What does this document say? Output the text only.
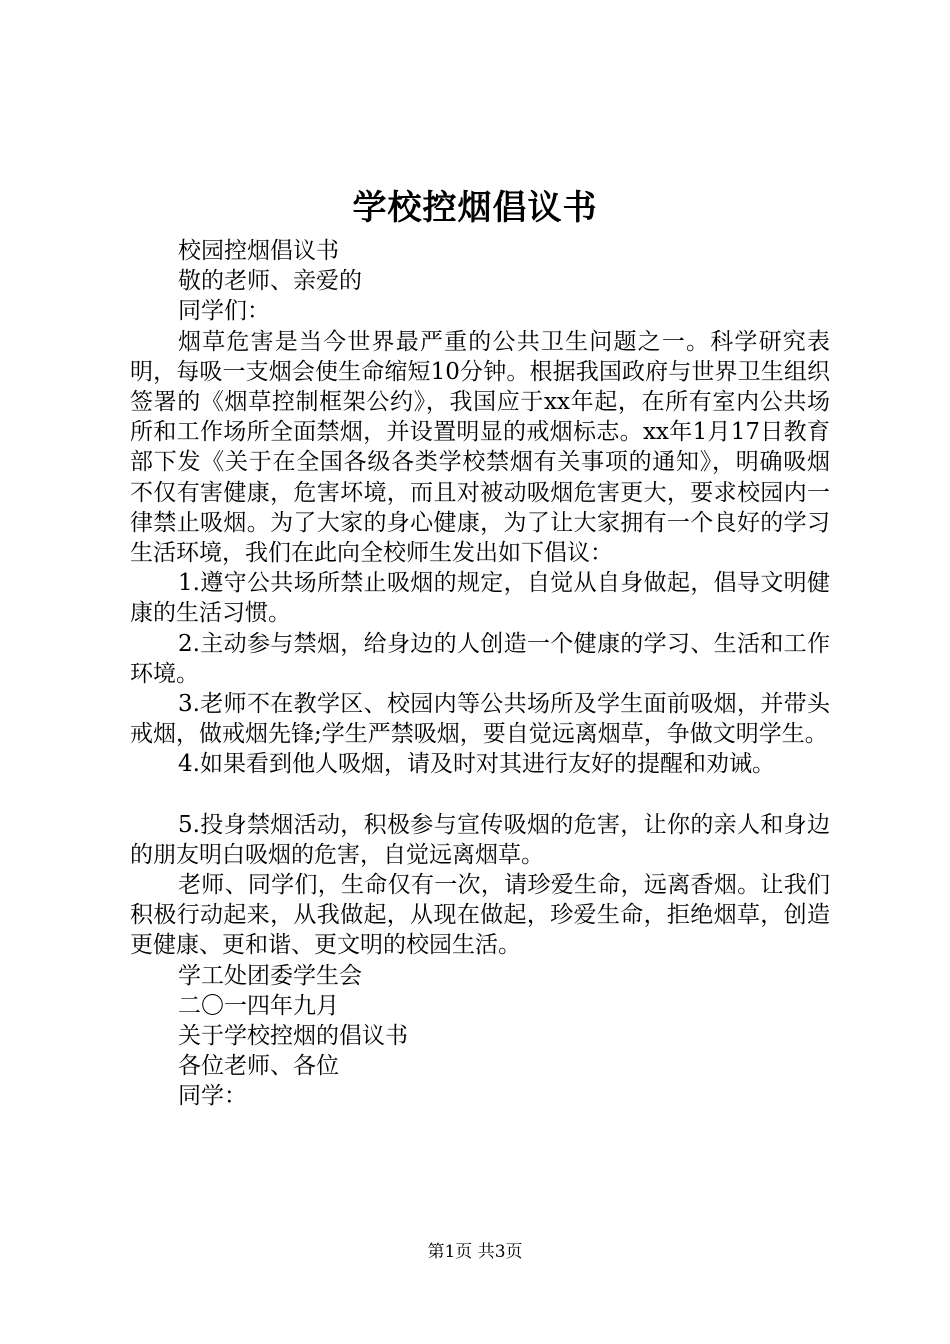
学校控烟倡议书
校园控烟倡议书
敬的老师、亲爱的
同学们：

烟草危害是当今世界最严重的公共卫生问题之一。科学研究表明，每吸一支烟会使生命缩短10分钟。根据我国政府与世界卫生组织签署的《烟草控制框架公约》，我国应于xx年起，在所有室内公共场所和工作场所全面禁烟，并设置明显的戒烟标志。xx年1月17日教育部下发《关于在全国各级各类学校禁烟有关事项的通知》，明确吸烟不仅有害健康，危害坏境，而且对被动吸烟危害更大，要求校园内一律禁止吸烟。为了大家的身心健康，为了让大家拥有一个良好的学习生活环境，我们在此向全校师生发出如下倡议：

1.遵守公共场所禁止吸烟的规定，自觉从自身做起，倡导文明健康的生活习惯。

2.主动参与禁烟，给身边的人创造一个健康的学习、生活和工作环境。

3.老师不在教学区、校园内等公共场所及学生面前吸烟，并带头戒烟，做戒烟先锋;学生严禁吸烟，要自觉远离烟草，争做文明学生。

4.如果看到他人吸烟，请及时对其进行友好的提醒和劝诫。

5.投身禁烟活动，积极参与宣传吸烟的危害，让你的亲人和身边的朋友明白吸烟的危害，自觉远离烟草。

老师、同学们，生命仅有一次，请珍爱生命，远离香烟。让我们积极行动起来，从我做起，从现在做起，珍爱生命，拒绝烟草，创造更健康、更和谐、更文明的校园生活。

学工处团委学生会
二〇一四年九月
关于学校控烟的倡议书
各位老师、各位
同学：
第1页 共3页
